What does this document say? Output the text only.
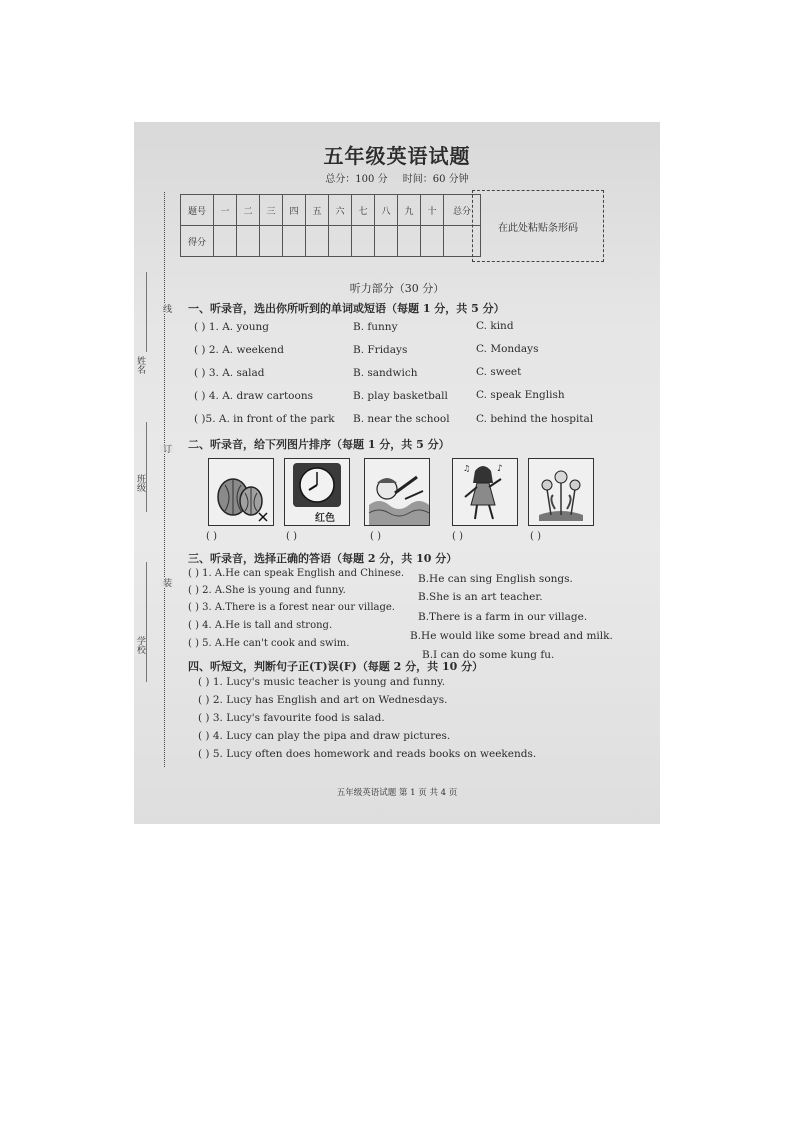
五年级英语试题
总分：100 分 时间：60 分钟
题号	一	二	三	四	五	六	七	八	九	十	总分
得分											
在此处粘贴条形码
姓名
班级
学校
线
订
装
听力部分（30 分）
一、听录音，选出你所听到的单词或短语（每题 1 分，共 5 分）
( ) 1. A. young	B. funny	C. kind
( ) 2. A. weekend	B. Fridays	C. Mondays
( ) 3. A. salad	B. sandwich	C. sweet
( ) 4. A. draw cartoons	B. play basketball	C. speak English
( )5. A. in front of the park B. near the school	C. behind the hospital
二、听录音，给下列图片排序（每题 1 分，共 5 分）
红色
♪
♫
( )	( )	( )	( )	( )
三、听录音，选择正确的答语（每题 2 分，共 10 分）
( ) 1. A.He can speak English and Chinese. B.He can sing English songs.
( ) 2. A.She is young and funny.
B.She is an art teacher.
( ) 3. A.There is a forest near our village.
B.There is a farm in our village.
( ) 4. A.He is tall and strong.
B.He would like some bread and milk.
( ) 5. A.He can't cook and swim.
B.I can do some kung fu.
四、听短文，判断句子正(T)误(F)（每题 2 分，共 10 分）
( ) 1. Lucy's music teacher is young and funny.
( ) 2. Lucy has English and art on Wednesdays.
( ) 3. Lucy's favourite food is salad.
( ) 4. Lucy can play the pipa and draw pictures.
( ) 5. Lucy often does homework and reads books on weekends.
五年级英语试题 第 1 页 共 4 页
